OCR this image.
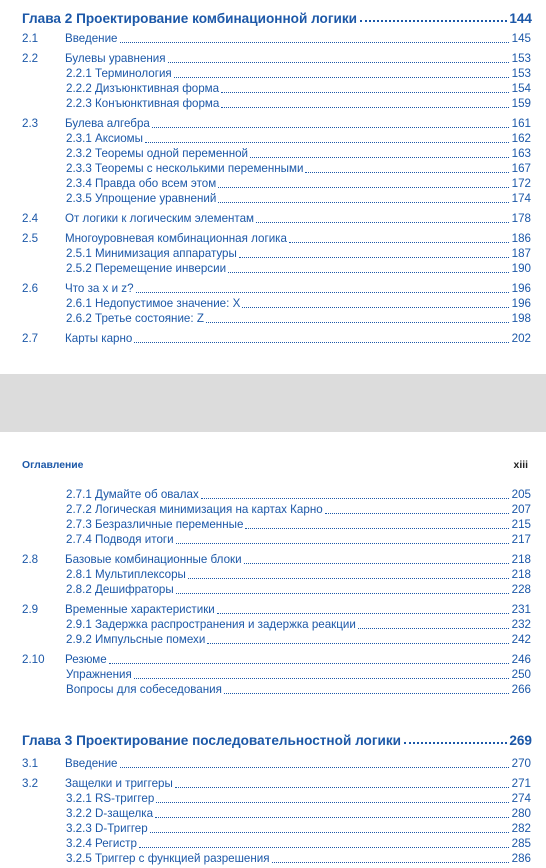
Глава 2 Проектирование комбинационной логики	144
2.1 Введение	145
2.2 Булевы уравнения	153
2.2.1 Терминология	153
2.2.2 Дизъюнктивная форма	154
2.2.3 Конъюнктивная форма	159
2.3 Булева алгебра	161
2.3.1 Аксиомы	162
2.3.2 Теоремы одной переменной	163
2.3.3 Теоремы с несколькими переменными	167
2.3.4 Правда обо всем этом	172
2.3.5 Упрощение уравнений	174
2.4 От логики к логическим элементам	178
2.5 Многоуровневая комбинационная логика	186
2.5.1 Минимизация аппаратуры	187
2.5.2 Перемещение инверсии	190
2.6 Что за x и z?	196
2.6.1 Недопустимое значение: X	196
2.6.2 Третье состояние: Z	198
2.7 Карты карно	202
Оглавление	xiii
2.7.1 Думайте об овалах	205
2.7.2 Логическая минимизация на картах Карно	207
2.7.3 Безразличные переменные	215
2.7.4 Подводя итоги	217
2.8 Базовые комбинационные блоки	218
2.8.1 Мультиплексоры	218
2.8.2 Дешифраторы	228
2.9 Временные характеристики	231
2.9.1 Задержка распространения и задержка реакции	232
2.9.2 Импульсные помехи	242
2.10 Резюме	246
Упражнения	250
Вопросы для собеседования	266
Глава 3 Проектирование последовательностной логики	269
3.1 Введение	270
3.2 Защелки и триггеры	271
3.2.1 RS-триггер	274
3.2.2 D-защелка	280
3.2.3 D-Триггер	282
3.2.4 Регистр	285
3.2.5 Триггер с функцией разрешения	286
